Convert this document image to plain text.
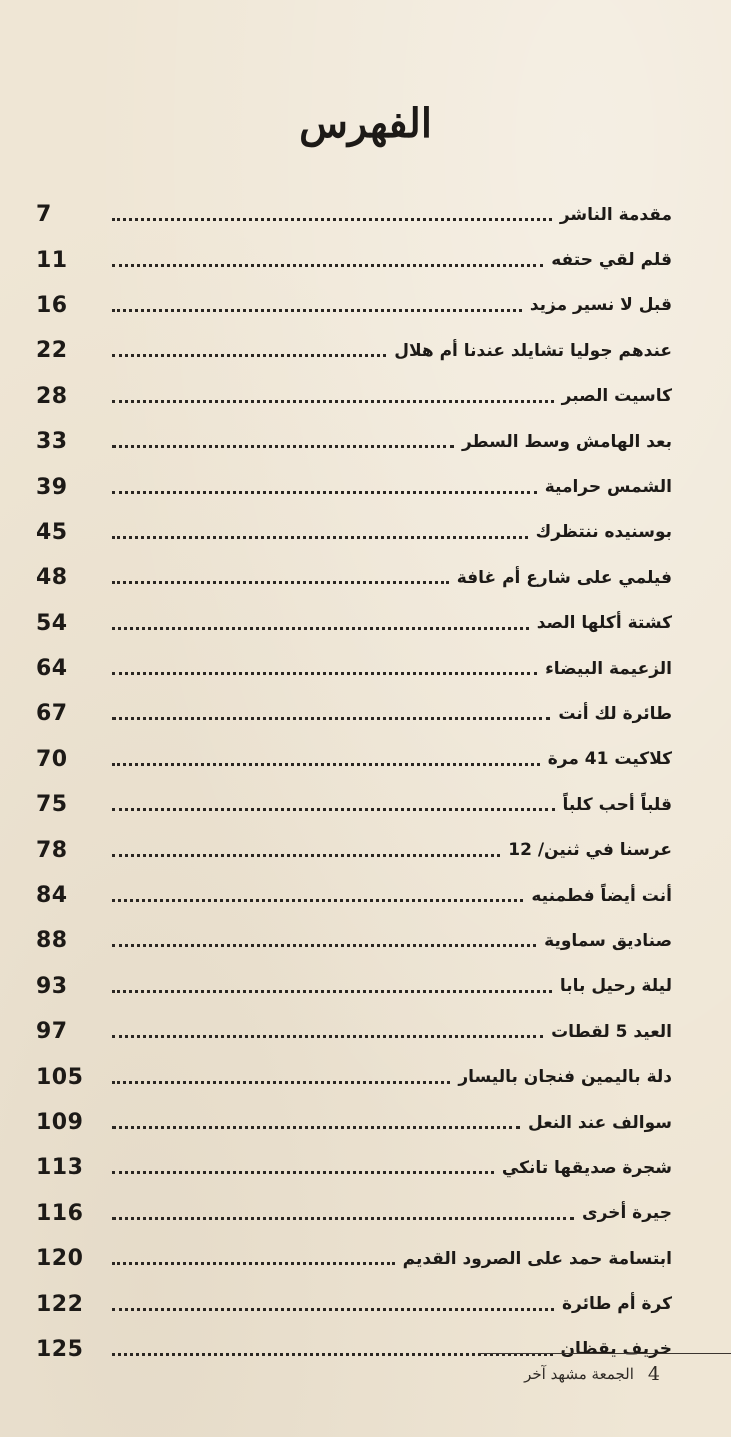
الفهرس
7	مقدمة الناشر
11	قلم لقي حتفه
16	قبل لا نسير مزيد
22	عندهم جوليا تشايلد عندنا أم هلال
28	كاسيت الصبر
33	بعد الهامش وسط السطر
39	الشمس حرامية
45	بوسنيده ننتظرك
48	فيلمي على شارع أم غافة
54	كشتة أكلها الصد
64	الزعيمة البيضاء
67	طائرة لك أنت
70	كلاكيت 41 مرة
75	قلباً أحب كلباً
78	عرسنا في ثنين/ 12
84	أنت أيضاً فطمنيه
88	صناديق سماوية
93	ليلة رحيل بابا
97	العيد 5 لقطات
105	دلة باليمين فنجان باليسار
109	سوالف عند النعل
113	شجرة صديقها تانكي
116	جيرة أخرى
120	ابتسامة حمد على الصرود القديم
122	كرة أم طائرة
125	خريف يقظان
الجمعة مشهد آخر 4
